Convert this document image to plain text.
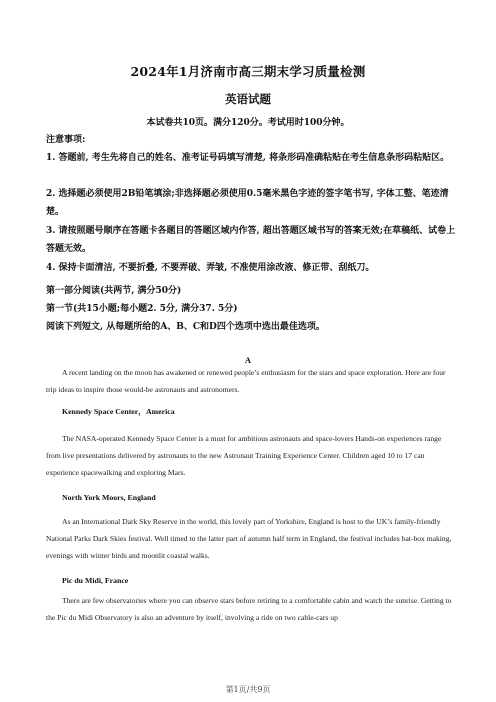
2024年1月济南市高三期末学习质量检测
英语试题
本试卷共10页。满分120分。考试用时100分钟。
注意事项:
1. 答题前, 考生先将自己的姓名、准考证号码填写清楚, 将条形码准确粘贴在考生信息条形码粘贴区。
2. 选择题必须使用2B铅笔填涂;非选择题必须使用0.5毫米黑色字迹的签字笔书写, 字体工整、笔迹清楚。
3. 请按照题号顺序在答题卡各题目的答题区域内作答, 超出答题区域书写的答案无效;在草稿纸、试卷上答题无效。
4. 保持卡面清洁, 不要折叠, 不要弄破、弄皱, 不准使用涂改液、修正带、刮纸刀。
第一部分阅读(共两节, 满分50分)
第一节(共15小题;每小题2. 5分, 满分37. 5分)
阅读下列短文, 从每题所给的A、B、C和D四个选项中选出最佳选项。
A
A recent landing on the moon has awakened or renewed people’s enthusiasm for the stars and space exploration. Here are four trip ideas to inspire those would-be astronauts and astronomers.
Kennedy Space Center，America
The NASA-operated Kennedy Space Center is a must for ambitious astronauts and space-lovers Hands-on experiences range from live presentations delivered by astronauts to the new Astronaut Training Experience Center. Children aged 10 to 17 can experience spacewalking and exploring Mars.
North York Moors, England
As an International Dark Sky Reserve in the world, this lovely part of Yorkshire, England is host to the UK’s family-friendly National Parks Dark Skies festival. Well timed to the latter part of autumn half term in England, the festival includes bat-box making, evenings with winter birds and moonlit coastal walks.
Pic du Midi, France
There are few observatories where you can observe stars before retiring to a comfortable cabin and watch the sunrise. Getting to the Pic du Midi Observatory is also an adventure by itself, involving a ride on two cable-cars up
第1页/共9页
